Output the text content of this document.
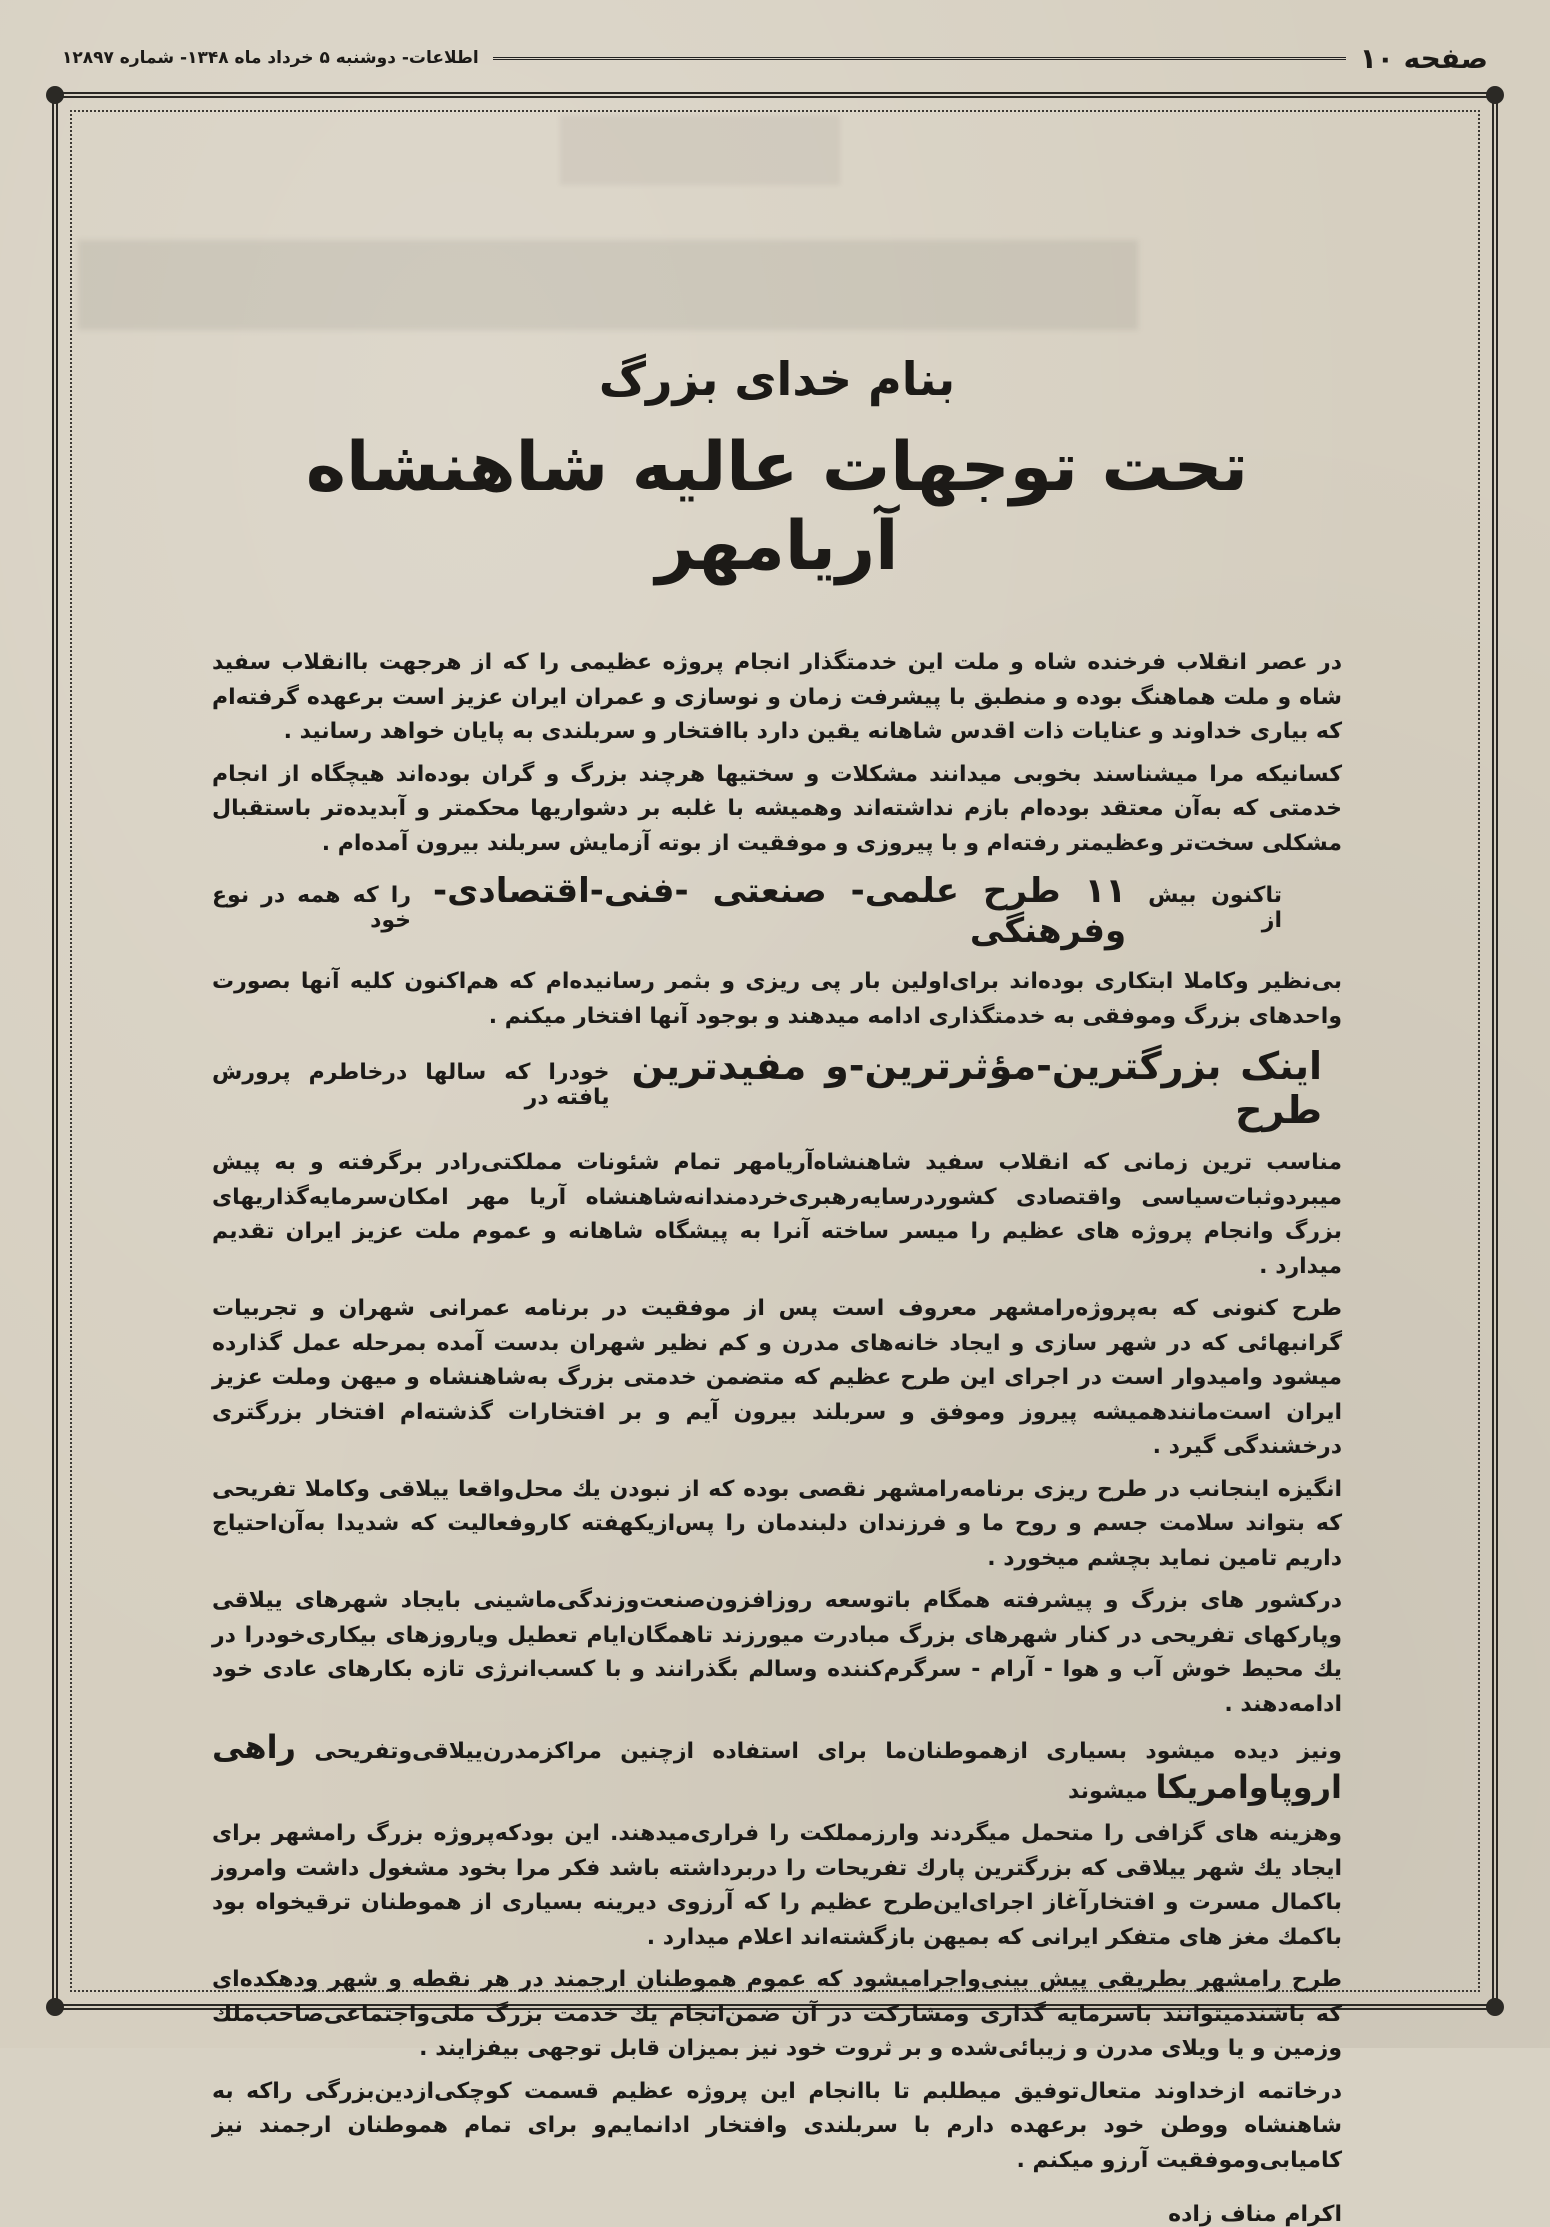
صفحه ۱۰
اطلاعات- دوشنبه ۵ خرداد ماه ۱۳۴۸- شماره ۱۲۸۹۷
بنام خدای بزرگ
تحت توجهات عالیه شاهنشاه آریامهر

در عصر انقلاب فرخنده شاه و ملت این خدمتگذار انجام پروژه عظیمی را که از هرجهت باانقلاب سفید شاه و ملت هماهنگ بوده و منطبق با پیشرفت زمان و نوسازی و عمران ایران عزیز است برعهده گرفته‌ام که بیاری خداوند و عنایات ذات اقدس شاهانه یقین دارد باافتخار و سربلندی به پایان خواهد رسانید .

کسانیکه مرا میشناسند بخوبی میدانند مشکلات و سختیها هرچند بزرگ و گران بوده‌اند هیچگاه از انجام خدمتی که به‌آن معتقد بوده‌ام بازم نداشته‌اند وهمیشه با غلبه بر دشواریها محکمتر و آبدیده‌تر باستقبال مشکلی سخت‌تر وعظیمتر رفته‌ام و با پیروزی و موفقیت از بوته آزمایش سربلند بیرون آمده‌ام .

تاکنون بیش از
۱۱ طرح علمی- صنعتی -فنی-اقتصادی-وفرهنگی
را که همه در نوع خود

بی‌نظیر وکاملا ابتکاری بوده‌اند برای‌اولین بار پی ریزی و بثمر رسانیده‌ام که هم‌اکنون کلیه آنها بصورت واحدهای بزرگ وموفقی به خدمتگذاری ادامه میدهند و بوجود آنها افتخار میکنم .

اینک بزرگترین-مؤثرترین-و مفیدترین طرح
خودرا که سالها درخاطرم پرورش یافته در

مناسب ترین زمانی که انقلاب سفید شاهنشاه‌آریامهر تمام شئونات مملکتی‌رادر برگرفته و به پیش میبردوثبات‌سیاسی واقتصادی کشوردرسایه‌رهبری‌خردمندانه‌شاهنشاه آریا مهر امکان‌سرمایه‌گذاریهای بزرگ وانجام پروژه های عظیم را میسر ساخته آنرا به پیشگاه شاهانه و عموم ملت عزیز ایران تقدیم میدارد .

طرح کنونی که به‌پروژه‌رامشهر معروف است پس از موفقیت در برنامه عمرانی شهران و تجربیات گرانبهائی که در شهر سازی و ایجاد خانه‌های مدرن و کم نظیر شهران بدست آمده بمرحله عمل گذارده میشود وامیدوار است در اجرای این طرح عظیم که متضمن خدمتی بزرگ به‌شاهنشاه و میهن وملت عزیز ایران است‌مانندهمیشه پیروز وموفق و سربلند بیرون آیم و بر افتخارات گذشته‌ام افتخار بزرگتری درخشندگی گیرد .

انگیزه اینجانب در طرح ریزی برنامه‌رامشهر نقصی بوده که از نبودن یك محل‌واقعا ییلاقی وکاملا تفریحی که بتواند سلامت جسم و روح ما و فرزندان دلبندمان را پس‌ازیکهفته کاروفعالیت که شدیدا به‌آن‌احتیاج داریم تامین نماید بچشم میخورد .

درکشور های بزرگ و پیشرفته همگام باتوسعه روزافزون‌صنعت‌وزندگی‌ماشینی بایجاد شهرهای ییلاقی وپارکهای تفریحی در کنار شهرهای بزرگ مبادرت میورزند تاهمگان‌ایام تعطیل ویاروزهای بیکاری‌خودرا در یك محیط خوش آب و هوا - آرام - سرگرم‌کننده وسالم بگذرانند و با کسب‌انرژی تازه بکارهای عادی خود ادامه‌دهند .

ونیز دیده میشود بسیاری ازهموطنان‌ما برای استفاده ازچنین مراکزمدرن‌ییلاقی‌وتفریحی راهی اروپاوامریکا میشوند

وهزینه های گزافی را متحمل میگردند وارزمملکت را فراری‌میدهند. این بودکه‌پروژه بزرگ رامشهر برای ایجاد یك شهر ییلاقی که بزرگترین پارك تفریحات را دربرداشته باشد فکر مرا بخود مشغول داشت وامروز باکمال مسرت و افتخارآغاز اجرای‌این‌طرح عظیم را که آرزوی دیرینه بسیاری از هموطنان ترقیخواه بود باکمك مغز های متفکر ایرانی که بمیهن بازگشته‌اند اعلام میدارد .

طرح رامشهر بطریقی پیش بینی‌واجرامیشود که عموم هموطنان ارجمند در هر نقطه و شهر ودهکده‌ای که باشندمیتوانند باسرمایه گذاری ومشارکت در آن ضمن‌انجام یك خدمت بزرگ ملی‌واجتماعی‌صاحب‌ملك وزمین و یا ویلای مدرن و زیبائی‌شده و بر ثروت خود نیز بمیزان قابل توجهی بیفزایند .

درخاتمه ازخداوند متعال‌توفیق میطلبم تا باانجام این پروژه عظیم قسمت کوچکی‌ازدین‌بزرگی راکه به شاهنشاه ووطن خود برعهده دارم با سربلندی وافتخار ادانمایم‌و برای تمام هموطنان ارجمند نیز کامیابی‌وموفقیت آرزو میکنم .

اکرام مناف زاده
